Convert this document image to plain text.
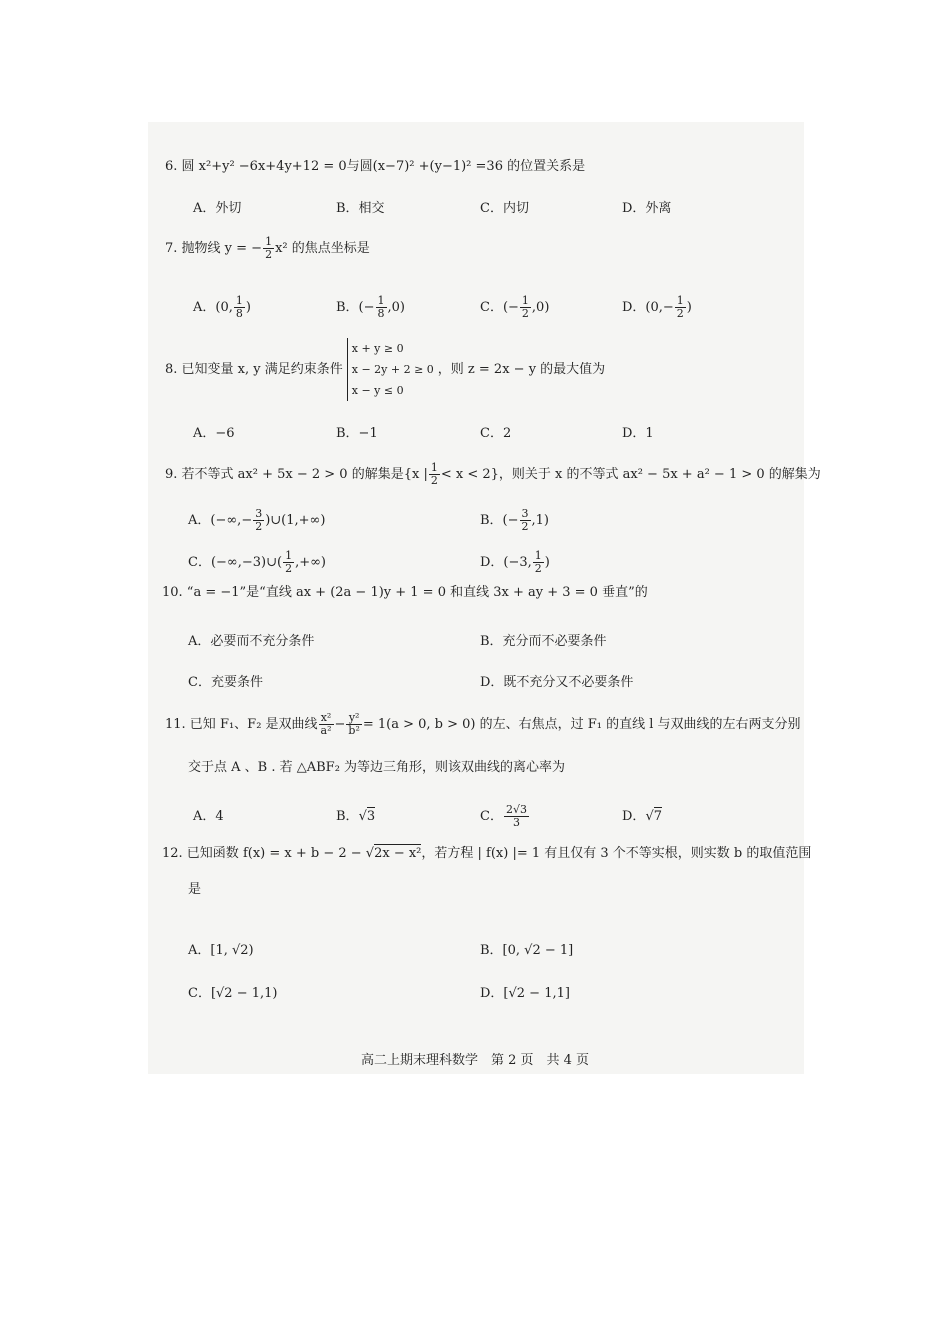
6. 圆 x²+y² −6x+4y+12 = 0与圆(x−7)² +(y−1)² =36 的位置关系是
A．外切	B．相交	C．内切	D．外离
7. 抛物线 y = − $\frac{1}{2} x^2$ 的焦点坐标是
A．(0, $\frac{1}{8}$ )	B．(− $\frac{1}{8} ,0$)	C．(− $\frac{1}{2} ,0$)	D．($0,- \frac{1}{2}$ )
8. 已知变量 x, y 满足约束条件
x + y ≥ 0
x − 2y + 2 ≥ 0
x − y ≤ 0
，则 z = 2x − y 的最大值为
A．−6	B．−1	C．2	D．1
9. 若不等式 ax² + 5x − 2 > 0 的解集是{x | $\frac{1}{2} < x < 2$}，则关于 x 的不等式 ax² − 5x + a² − 1 > 0 的解集为
A．(−∞,− $\frac{3}{2}$ )∪(1,+∞)	B．(− $\frac{3}{2} ,1$)
C．(−∞,−3)∪( $\frac{1}{2}$ ,+∞)	D．(−3, $\frac{1}{2}$ )
10. “a = −1”是“直线 ax + (2a − 1)y + 1 = 0 和直线 3x + ay + 3 = 0 垂直”的
A．必要而不充分条件	B．充分而不必要条件
C．充要条件	D．既不充分又不必要条件
11. 已知 F₁、F₂ 是双曲线 $\frac{\text{x²}}{\text{a²}} - \frac{\text{y²}}{\text{b²}} = 1(a > 0$, b > 0) 的左、右焦点，过 F₁ 的直线 l 与双曲线的左右两支分别
交于点 A 、B . 若 △ABF₂ 为等边三角形，则该双曲线的离心率为
A．4	B．√3	C． $\frac{2√3}{3}$	D．√7
12. 已知函数 f(x) = x + b − 2 − √2x − x²，若方程 | f(x) |= 1 有且仅有 3 个不等实根，则实数 b 的取值范围
是
A．[1, √2)	B．[0, √2 − 1]
C．[√2 − 1,1)	D．[√2 − 1,1]
高二上期末理科数学　第 2 页　共 4 页
